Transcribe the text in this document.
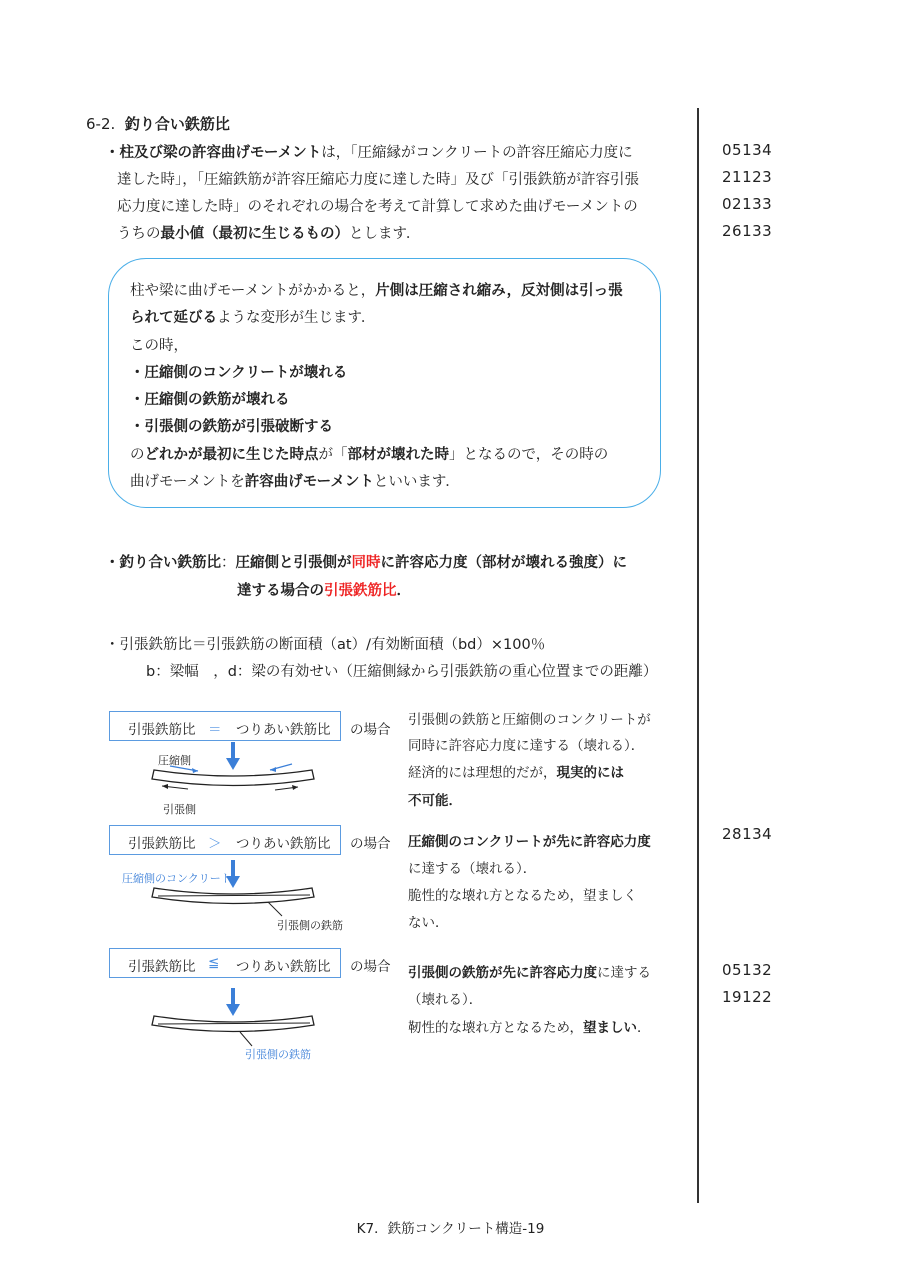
6-2. 釣り合い鉄筋比
・柱及び梁の許容曲げモーメントは，「圧縮縁がコンクリートの許容圧縮応力度に
達した時」，「圧縮鉄筋が許容圧縮応力度に達した時」及び「引張鉄筋が許容引張
応力度に達した時」のそれぞれの場合を考えて計算して求めた曲げモーメントの
うちの最小値（最初に生じるもの）とします．
05134
21123
02133
26133
28134
05132
19122
柱や梁に曲げモーメントがかかると，片側は圧縮され縮み，反対側は引っ張
られて延びるような変形が生じます．
この時，
・圧縮側のコンクリートが壊れる
・圧縮側の鉄筋が壊れる
・引張側の鉄筋が引張破断する
のどれかが最初に生じた時点が「部材が壊れた時」となるので，その時の
曲げモーメントを許容曲げモーメントといいます．
・釣り合い鉄筋比：圧縮側と引張側が同時に許容応力度（部材が壊れる強度）に
達する場合の引張鉄筋比．
・引張鉄筋比＝引張鉄筋の断面積（at）/有効断面積（bd）×100％
b：梁幅　，d：梁の有効せい（圧縮側縁から引張鉄筋の重心位置までの距離）
引張鉄筋比 ＝ つりあい鉄筋比 の場合
圧縮側
引張側
引張側の鉄筋と圧縮側のコンクリートが
同時に許容応力度に達する（壊れる）．
経済的には理想的だが，現実的には
不可能．
引張鉄筋比 ＞ つりあい鉄筋比 の場合
圧縮側のコンクリート
引張側の鉄筋
圧縮側のコンクリートが先に許容応力度
に達する（壊れる）．
脆性的な壊れ方となるため，望ましく
ない．
引張鉄筋比 ≦ つりあい鉄筋比 の場合
引張側の鉄筋
引張側の鉄筋が先に許容応力度に達する
（壊れる）．
靭性的な壊れ方となるため，望ましい．
K7．鉄筋コンクリート構造-19
